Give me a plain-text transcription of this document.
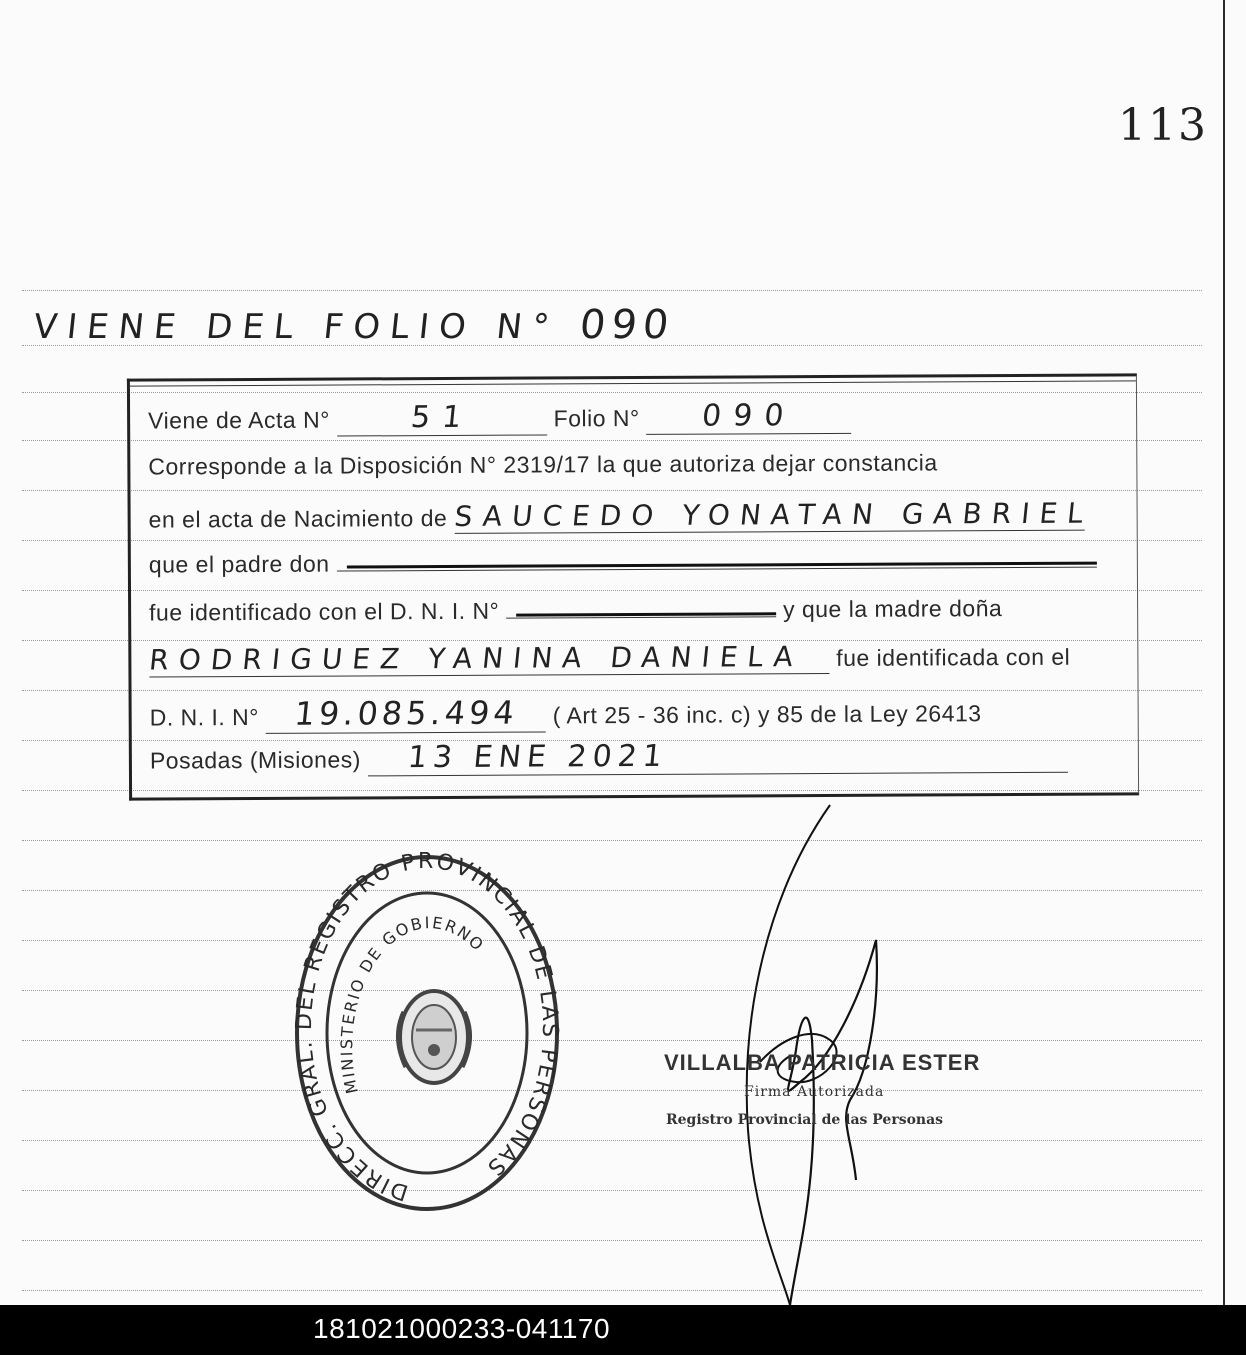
113
VIENE DEL FOLIO N° 090
Viene de Acta N°	51	Folio N° 090
Corresponde a la Disposición N° 2319/17 la que autoriza dejar constancia
en el acta de Nacimiento de SAUCEDO YONATAN GABRIEL
que el padre don
fue identificado con el D. N. I. N°	y que la madre doña
RODRIGUEZ YANINA DANIELA fue identificada con el
D. N. I. N° 19.085.494 ( Art 25 - 36 inc. c) y 85 de la Ley 26413
Posadas (Misiones) 13 ENE 2021
DIRECC. GRAL. DEL REGISTRO PROVINCIAL DE LAS PERSONAS
MINISTERIO DE GOBIERNO
VILLALBA PATRICIA ESTER
Firma Autorizada
Registro Provincial de las Personas
181021000233-041170
